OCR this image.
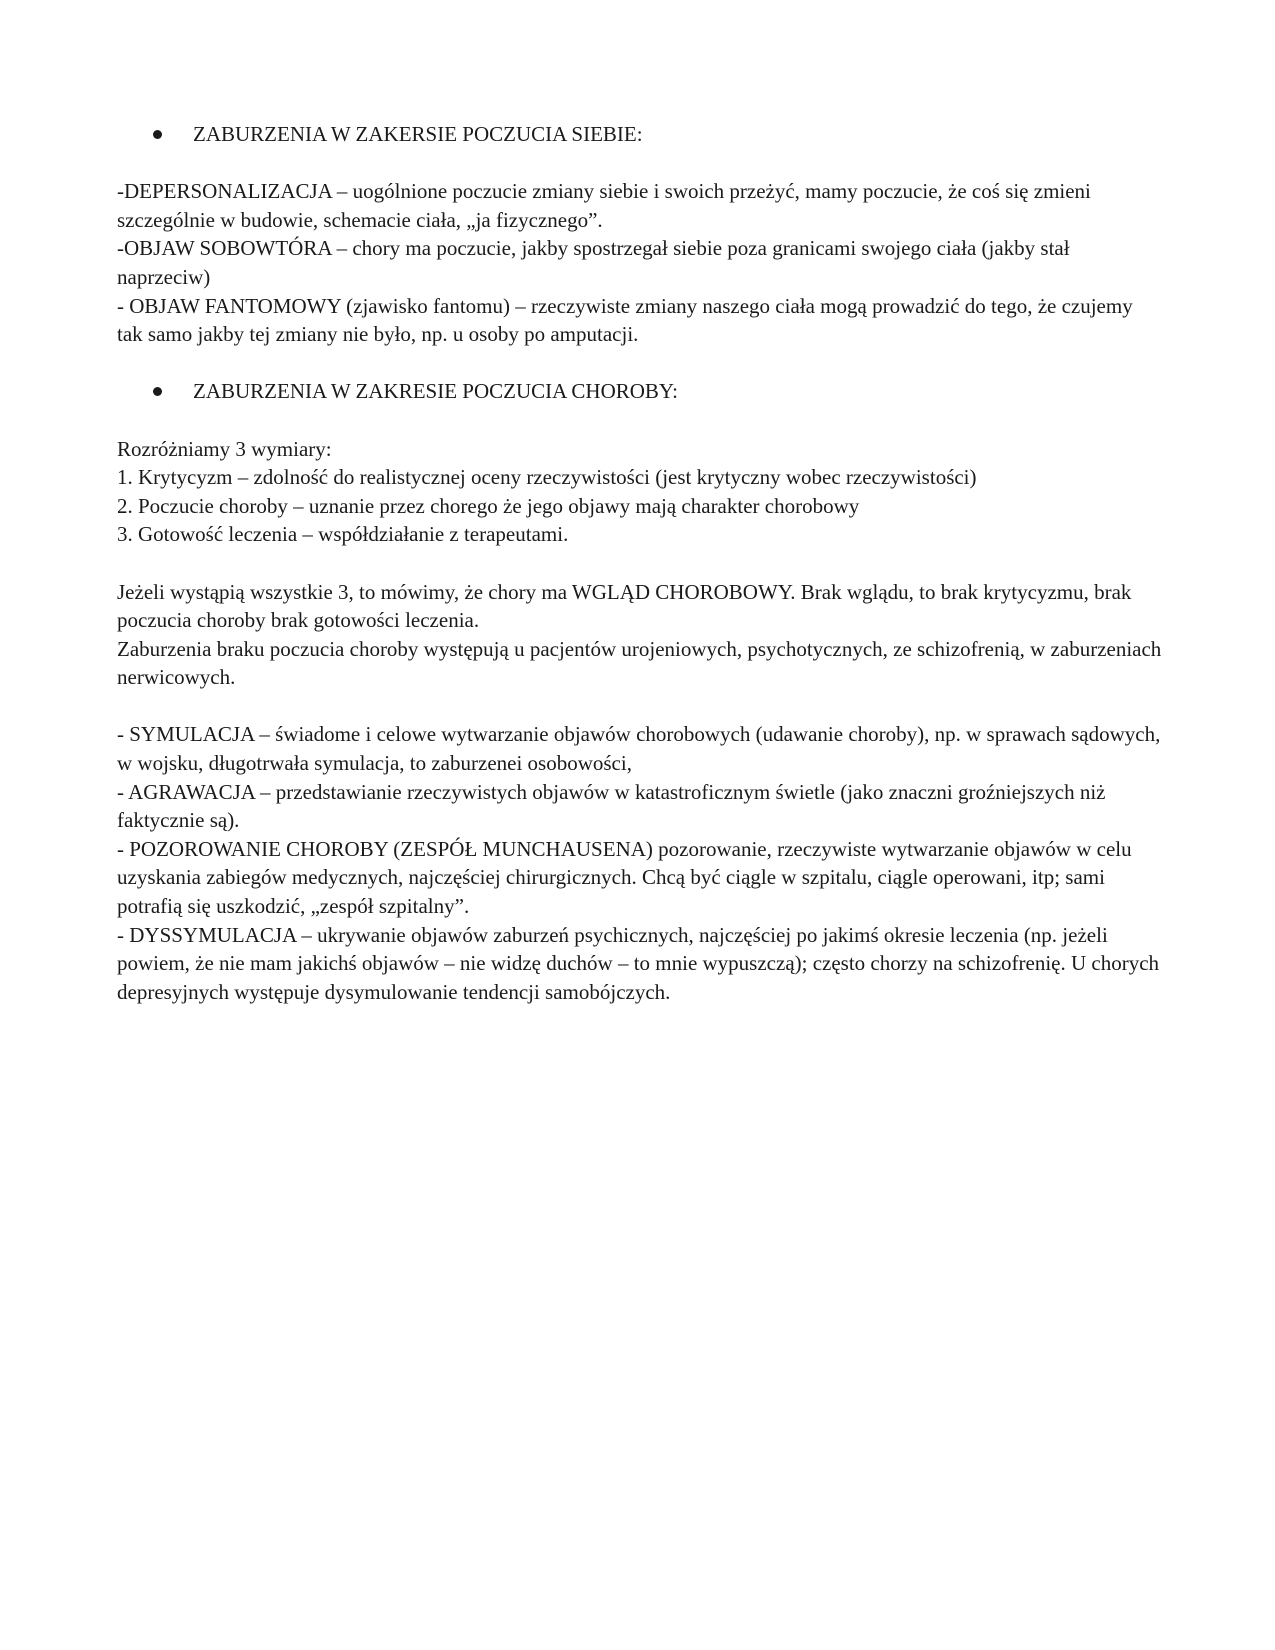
ZABURZENIA W ZAKERSIE POCZUCIA SIEBIE:

-DEPERSONALIZACJA – uogólnione poczucie zmiany siebie i swoich przeżyć, mamy poczucie, że coś się zmieni szczególnie w budowie, schemacie ciała, „ja fizycznego”.

-OBJAW SOBOWTÓRA – chory ma poczucie, jakby spostrzegał siebie poza granicami swojego ciała (jakby stał naprzeciw)

- OBJAW FANTOMOWY (zjawisko fantomu) – rzeczywiste zmiany naszego ciała mogą prowadzić do tego, że czujemy tak samo jakby tej zmiany nie było, np. u osoby po amputacji.

ZABURZENIA W ZAKRESIE POCZUCIA CHOROBY:

Rozróżniamy 3 wymiary:

1. Krytycyzm – zdolność do realistycznej oceny rzeczywistości (jest krytyczny wobec rzeczywistości)

2. Poczucie choroby – uznanie przez chorego że jego objawy mają charakter chorobowy

3. Gotowość leczenia – współdziałanie z terapeutami.

Jeżeli wystąpią wszystkie 3, to mówimy, że chory ma WGLĄD CHOROBOWY. Brak wglądu, to brak krytycyzmu, brak poczucia choroby brak gotowości leczenia.

Zaburzenia braku poczucia choroby występują u pacjentów urojeniowych, psychotycznych, ze schizofrenią, w zaburzeniach nerwicowych.

- SYMULACJA – świadome i celowe wytwarzanie objawów chorobowych (udawanie choroby), np. w sprawach sądowych, w wojsku, długotrwała symulacja, to zaburzenei osobowości,

- AGRAWACJA – przedstawianie rzeczywistych objawów w katastroficznym świetle (jako znaczni groźniejszych niż faktycznie są).

- POZOROWANIE CHOROBY (ZESPÓŁ MUNCHAUSENA) pozorowanie, rzeczywiste wytwarzanie objawów w celu uzyskania zabiegów medycznych, najczęściej chirurgicznych. Chcą być ciągle w szpitalu, ciągle operowani, itp; sami potrafią się uszkodzić, „zespół szpitalny”.

- DYSSYMULACJA – ukrywanie objawów zaburzeń psychicznych, najczęściej po jakimś okresie leczenia (np. jeżeli powiem, że nie mam jakichś objawów – nie widzę duchów – to mnie wypuszczą); często chorzy na schizofrenię. U chorych depresyjnych występuje dysymulowanie tendencji samobójczych.
